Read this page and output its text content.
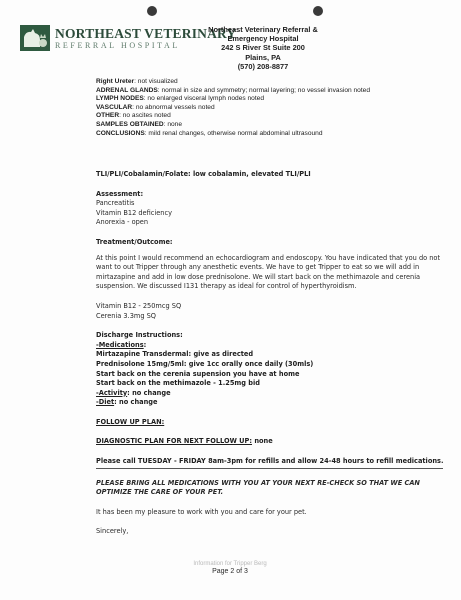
NORTHEAST VETERINARY
REFERRAL HOSPITAL
Northeast Veterinary Referral &
Emergency Hospital
242 S River St Suite 200
Plains, PA
(570) 208-8877
Right Ureter: not visualized
ADRENAL GLANDS: normal in size and symmetry; normal layering; no vessel invasion noted
LYMPH NODES: no enlarged visceral lymph nodes noted
VASCULAR: no abnormal vessels noted
OTHER: no ascites noted
SAMPLES OBTAINED: none
CONCLUSIONS: mild renal changes, otherwise normal abdominal ultrasound
TLI/PLI/Cobalamin/Folate: low cobalamin, elevated TLI/PLI
Assessment:
Pancreatitis
Vitamin B12 deficiency
Anorexia - open
Treatment/Outcome:
At this point I would recommend an echocardiogram and endoscopy. You have indicated that you do not want to out Tripper through any anesthetic events. We have to get Tripper to eat so we will add in mirtazapine and add in low dose prednisolone. We will start back on the methimazole and cerenia suspension. We discussed I131 therapy as ideal for control of hyperthyroidism.
Vitamin B12 - 250mcg SQ
Cerenia 3.3mg SQ
Discharge Instructions:
-Medications:
Mirtazapine Transdermal: give as directed
Prednisolone 15mg/5ml: give 1cc orally once daily (30mls)
Start back on the cerenia supension you have at home
Start back on the methimazole - 1.25mg bid
-Activity: no change
-Diet: no change
FOLLOW UP PLAN:
DIAGNOSTIC PLAN FOR NEXT FOLLOW UP: none
Please call TUESDAY - FRIDAY 8am-3pm for refills and allow 24-48 hours to refill medications.
PLEASE BRING ALL MEDICATIONS WITH YOU AT YOUR NEXT RE-CHECK SO THAT WE CAN OPTIMIZE THE CARE OF YOUR PET.
It has been my pleasure to work with you and care for your pet.
Sincerely,
Information for Tripper Berg
Page 2 of 3
